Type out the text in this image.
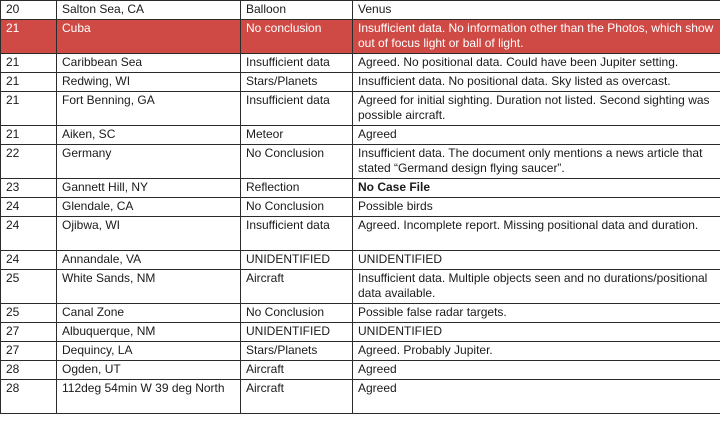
20	Salton Sea, CA	Balloon	Venus
21	Cuba	No conclusion	Insufficient data. No information other than the Photos, which show out of focus light or ball of light.
21	Caribbean Sea	Insufficient data	Agreed. No positional data. Could have been Jupiter setting.
21	Redwing, WI	Stars/Planets	Insufficient data. No positional data. Sky listed as overcast.
21	Fort Benning, GA	Insufficient data	Agreed for initial sighting. Duration not listed. Second sighting was possible aircraft.
21	Aiken, SC	Meteor	Agreed
22	Germany	No Conclusion	Insufficient data. The document only mentions a news article that stated “Germand design flying saucer”.
23	Gannett Hill, NY	Reflection	No Case File
24	Glendale, CA	No Conclusion	Possible birds
24	Ojibwa, WI	Insufficient data	Agreed. Incomplete report. Missing positional data and duration.
24	Annandale, VA	UNIDENTIFIED	UNIDENTIFIED
25	White Sands, NM	Aircraft	Insufficient data. Multiple objects seen and no durations/positional data available.
25	Canal Zone	No Conclusion	Possible false radar targets.
27	Albuquerque, NM	UNIDENTIFIED	UNIDENTIFIED
27	Dequincy, LA	Stars/Planets	Agreed. Probably Jupiter.
28	Ogden, UT	Aircraft	Agreed
28	112deg 54min W 39 deg North	Aircraft	Agreed
